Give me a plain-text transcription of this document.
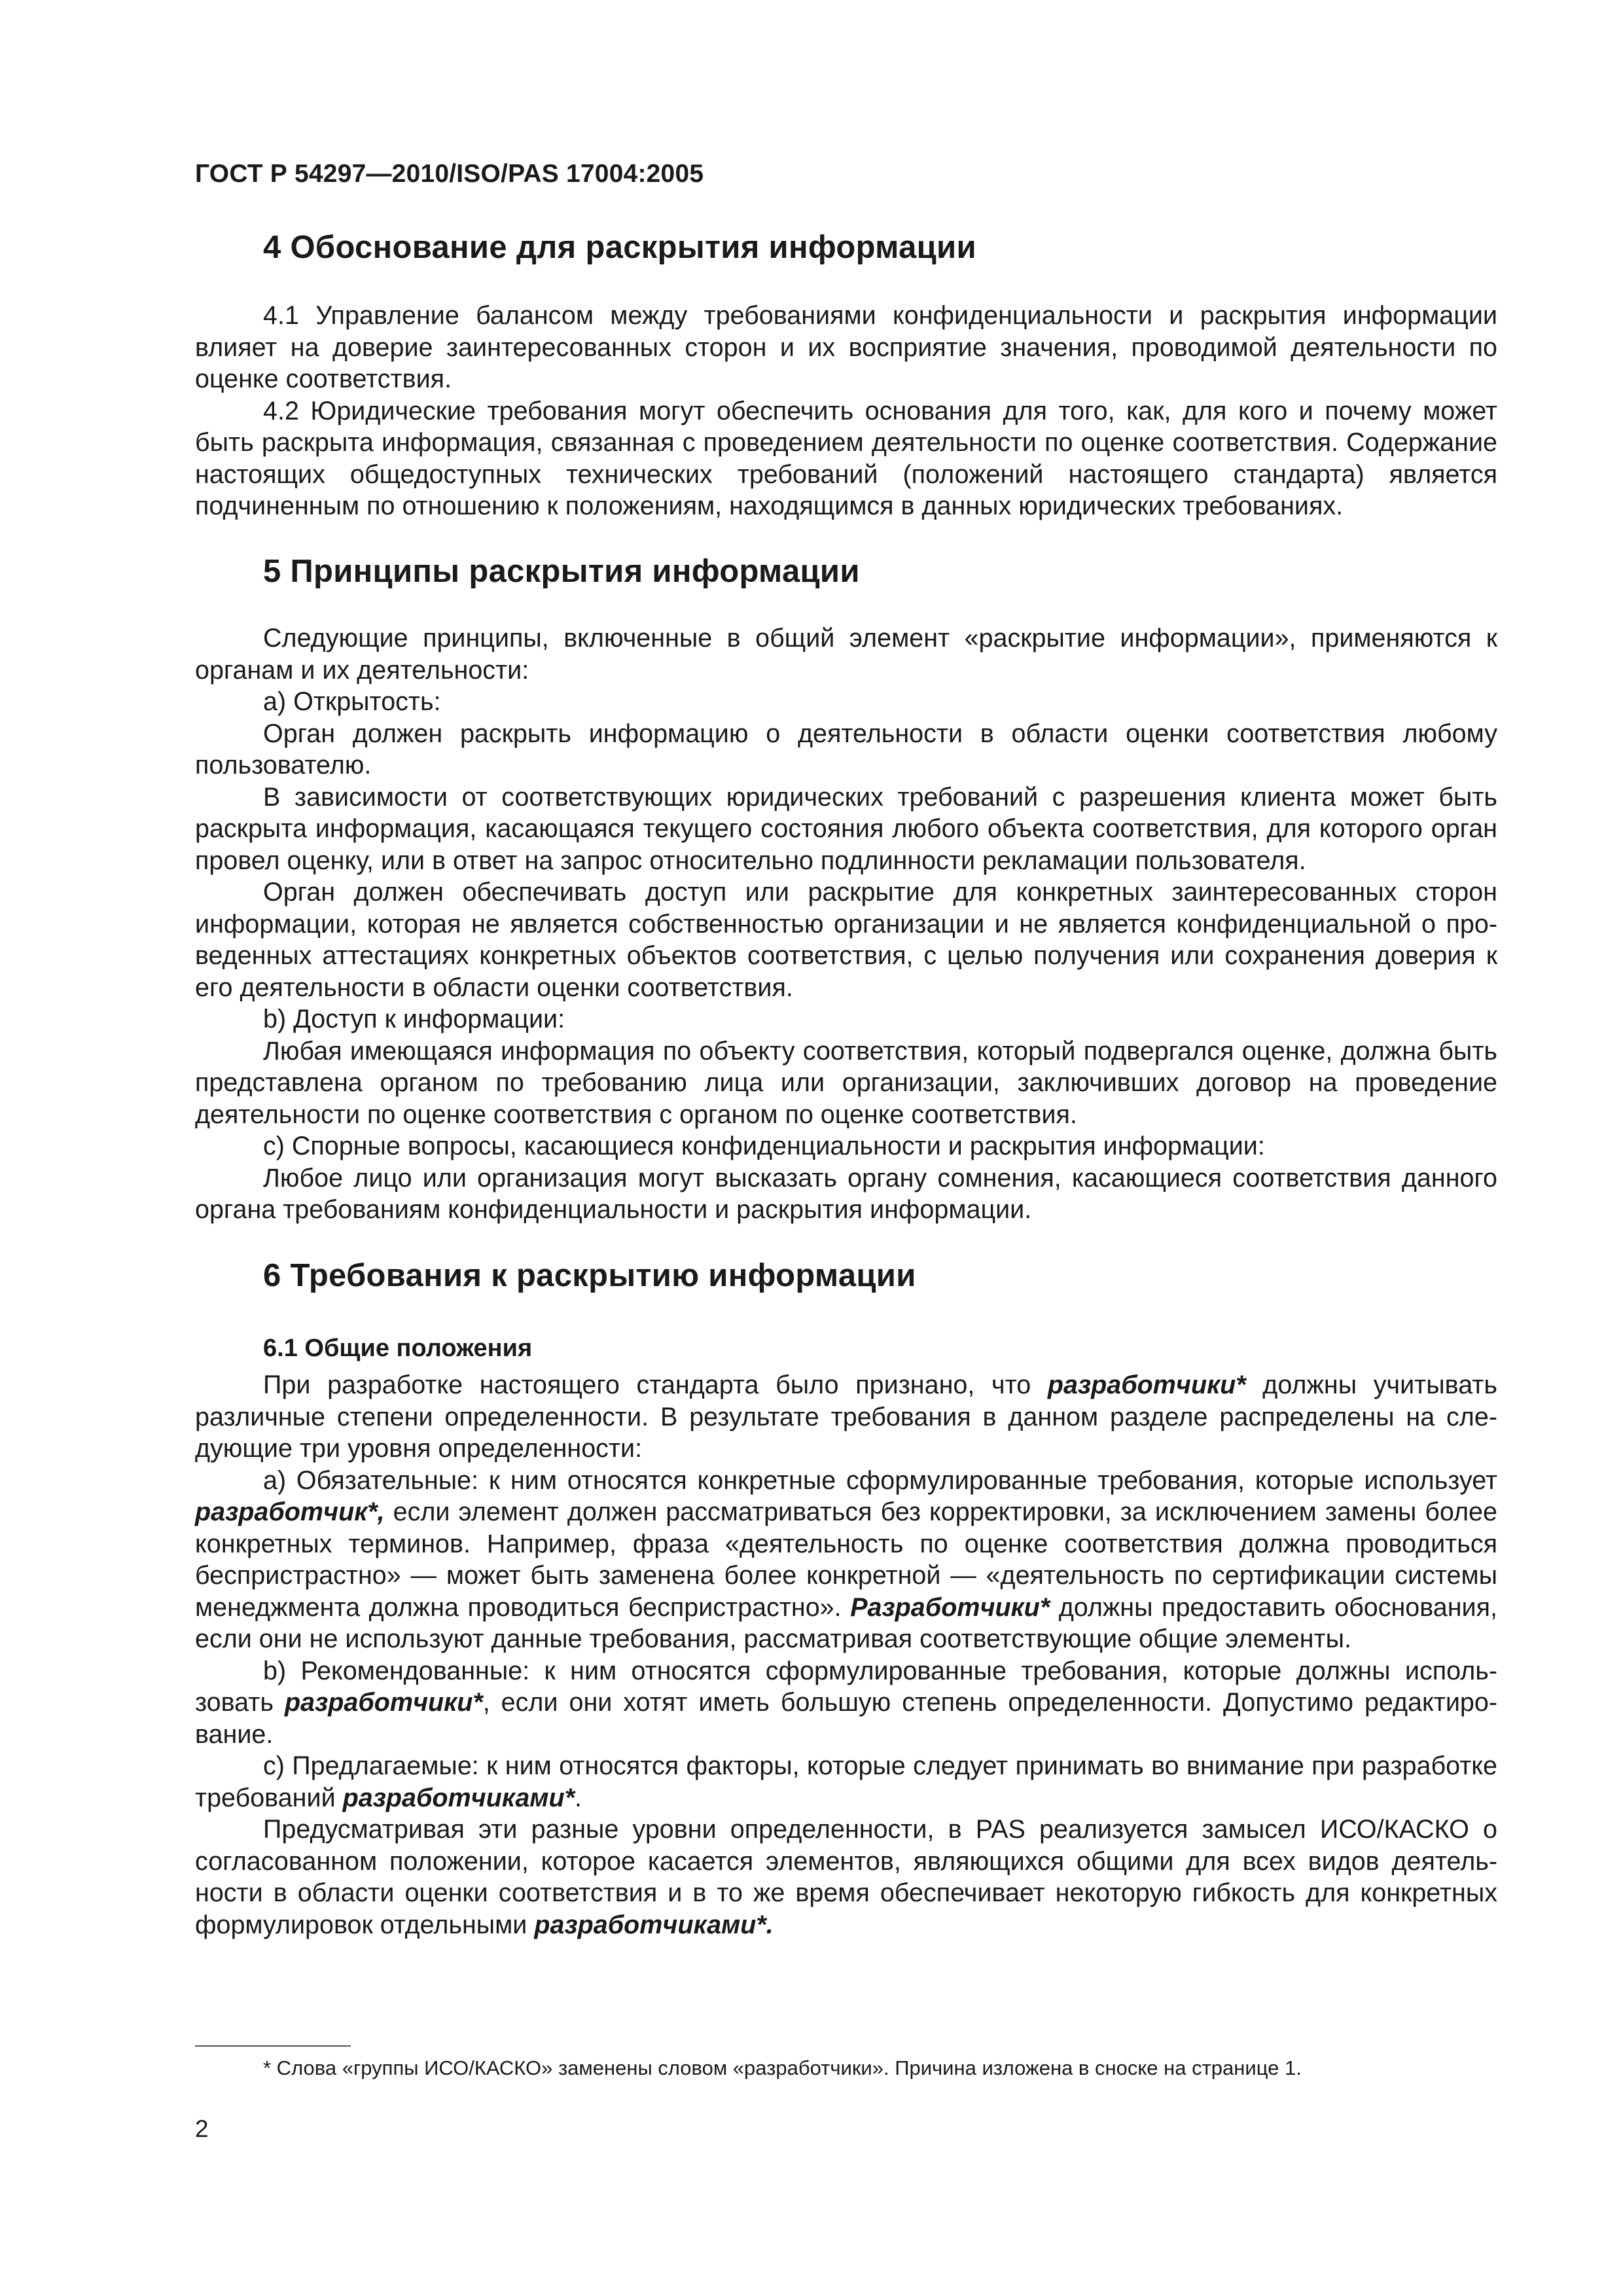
ГОСТ Р 54297—2010/ISO/PAS 17004:2005
4 Обоснование для раскрытия информации

4.1 Управление балансом между требованиями конфиденциальности и раскрытия информации влияет на доверие заинтересованных сторон и их восприятие значения, проводимой деятельности по оценке соответствия.

4.2 Юридические требования могут обеспечить основания для того, как, для кого и почему может быть раскрыта информация, связанная с проведением деятельности по оценке соответствия. Содержание настоящих общедоступных технических требований (положений настоящего стандарта) является подчиненным по отношению к положениям, находящимся в данных юридических требованиях.

5 Принципы раскрытия информации

Следующие принципы, включенные в общий элемент «раскрытие информации», применяются к органам и их деятельности:

a) Открытость:

Орган должен раскрыть информацию о деятельности в области оценки соответствия любому пользователю.

В зависимости от соответствующих юридических требований с разрешения клиента может быть раскрыта информация, касающаяся текущего состояния любого объекта соответствия, для которого орган провел оценку, или в ответ на запрос относительно подлинности рекламации пользователя.

Орган должен обеспечивать доступ или раскрытие для конкретных заинтересованных сторон информации, которая не является собственностью организации и не является конфиденциальной о проведенных аттестациях конкретных объектов соответствия, с целью получения или сохранения доверия к его деятельности в области оценки соответствия.

b) Доступ к информации:

Любая имеющаяся информация по объекту соответствия, который подвергался оценке, должна быть представлена органом по требованию лица или организации, заключивших договор на проведение деятельности по оценке соответствия с органом по оценке соответствия.

c) Спорные вопросы, касающиеся конфиденциальности и раскрытия информации:

Любое лицо или организация могут высказать органу сомнения, касающиеся соответствия данного органа требованиям конфиденциальности и раскрытия информации.

6 Требования к раскрытию информации
6.1 Общие положения

При разработке настоящего стандарта было признано, что разработчики* должны учитывать различные степени определенности. В результате требования в данном разделе распределены на следующие три уровня определенности:

a) Обязательные: к ним относятся конкретные сформулированные требования, которые использует разработчик*, если элемент должен рассматриваться без корректировки, за исключением замены более конкретных терминов. Например, фраза «деятельность по оценке соответствия должна проводиться беспристрастно» — может быть заменена более конкретной — «деятельность по сертификации системы менеджмента должна проводиться беспристрастно». Разработчики* должны предоставить обоснования, если они не используют данные требования, рассматривая соответствующие общие элементы.

b) Рекомендованные: к ним относятся сформулированные требования, которые должны использовать разработчики*, если они хотят иметь большую степень определенности. Допустимо редактирование.

c) Предлагаемые: к ним относятся факторы, которые следует принимать во внимание при разработке требований разработчиками*.

Предусматривая эти разные уровни определенности, в PAS реализуется замысел ИСО/КАСКО о согласованном положении, которое касается элементов, являющихся общими для всех видов деятельности в области оценки соответствия и в то же время обеспечивает некоторую гибкость для конкретных формулировок отдельными разработчиками*.

* Слова «группы ИСО/КАСКО» заменены словом «разработчики». Причина изложена в сноске на странице 1.
2
